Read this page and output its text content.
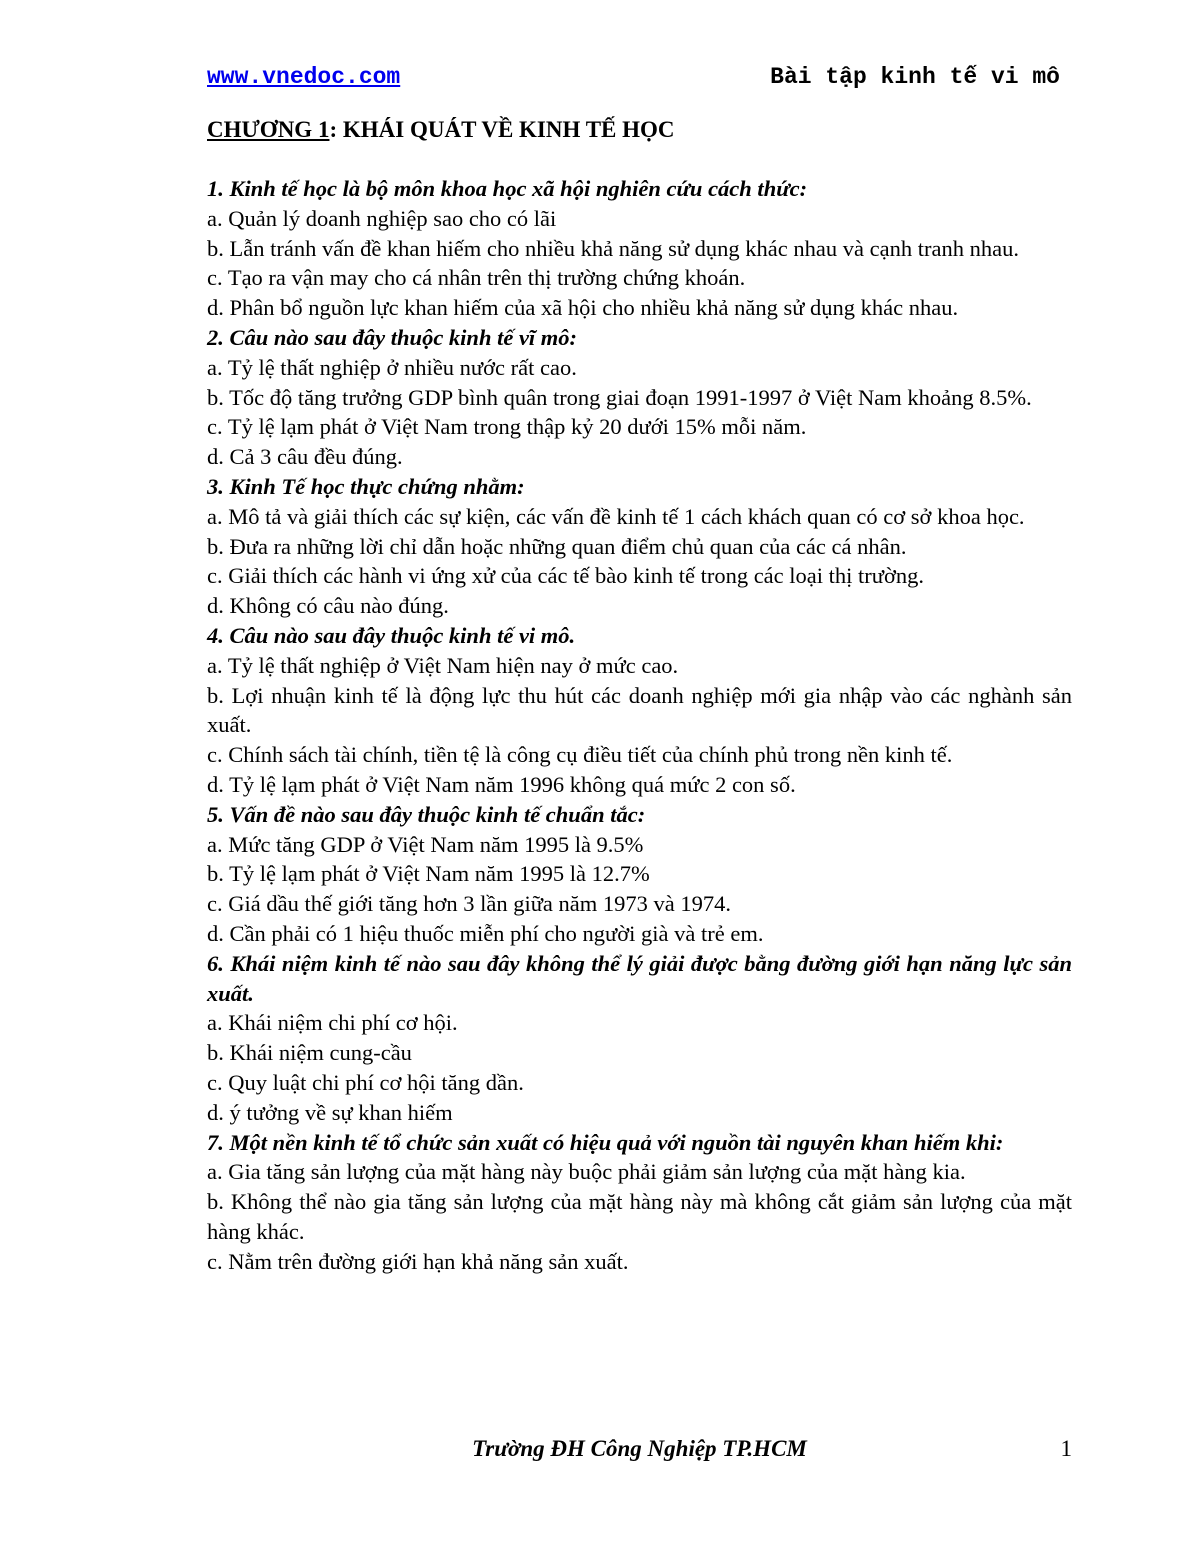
www.vnedoc.com	Bài tập kinh tế vi mô
CHƯƠNG 1: KHÁI QUÁT VỀ KINH TẾ HỌC
1. Kinh tế học là bộ môn khoa học xã hội nghiên cứu cách thức:
a. Quản lý doanh nghiệp sao cho có lãi
b. Lẫn tránh vấn đề khan hiếm cho nhiều khả năng sử dụng khác nhau và cạnh tranh nhau.
c. Tạo ra vận may cho cá nhân trên thị trường chứng khoán.
d. Phân bổ nguồn lực khan hiếm của xã hội cho nhiều khả năng sử dụng khác nhau.
2. Câu nào sau đây thuộc kinh tế vĩ mô:
a. Tỷ lệ thất nghiệp ở nhiều nước rất cao.
b. Tốc độ tăng trưởng GDP bình quân trong giai đoạn 1991-1997 ở Việt Nam khoảng 8.5%.
c. Tỷ lệ lạm phát ở Việt Nam trong thập kỷ 20 dưới 15% mỗi năm.
d. Cả 3 câu đều đúng.
3. Kinh Tế học thực chứng nhằm:
a. Mô tả và giải thích các sự kiện, các vấn đề kinh tế 1 cách khách quan có cơ sở khoa học.
b. Đưa ra những lời chỉ dẫn hoặc những quan điểm chủ quan của các cá nhân.
c. Giải thích các hành vi ứng xử của các tế bào kinh tế trong các loại thị trường.
d. Không có câu nào đúng.
4. Câu nào sau đây thuộc kinh tế vi mô.
a. Tỷ lệ thất nghiệp ở Việt Nam hiện nay ở mức cao.
b. Lợi nhuận kinh tế là động lực thu hút các doanh nghiệp mới gia nhập vào các nghành sản xuất.
c. Chính sách tài chính, tiền tệ là công cụ điều tiết của chính phủ trong nền kinh tế.
d. Tỷ lệ lạm phát ở Việt Nam năm 1996 không quá mức 2 con số.
5. Vấn đề nào sau đây thuộc kinh tế chuẩn tắc:
a. Mức tăng GDP ở Việt Nam năm 1995 là 9.5%
b. Tỷ lệ lạm phát ở Việt Nam năm 1995 là 12.7%
c. Giá dầu thế giới tăng hơn 3 lần giữa năm 1973 và 1974.
d. Cần phải có 1 hiệu thuốc miễn phí cho người già và trẻ em.
6. Khái niệm kinh tế nào sau đây không thể lý giải được bằng đường giới hạn năng lực sản xuất.
a. Khái niệm chi phí cơ hội.
b. Khái niệm cung-cầu
c. Quy luật chi phí cơ hội tăng dần.
d. ý tưởng về sự khan hiếm
7. Một nền kinh tế tổ chức sản xuất có hiệu quả với nguồn tài nguyên khan hiếm khi:
a. Gia tăng sản lượng của mặt hàng này buộc phải giảm sản lượng của mặt hàng kia.
b. Không thể nào gia tăng sản lượng của mặt hàng này mà không cắt giảm sản lượng của mặt hàng khác.
c. Nằm trên đường giới hạn khả năng sản xuất.
Trường ĐH Công Nghiệp TP.HCM	1
